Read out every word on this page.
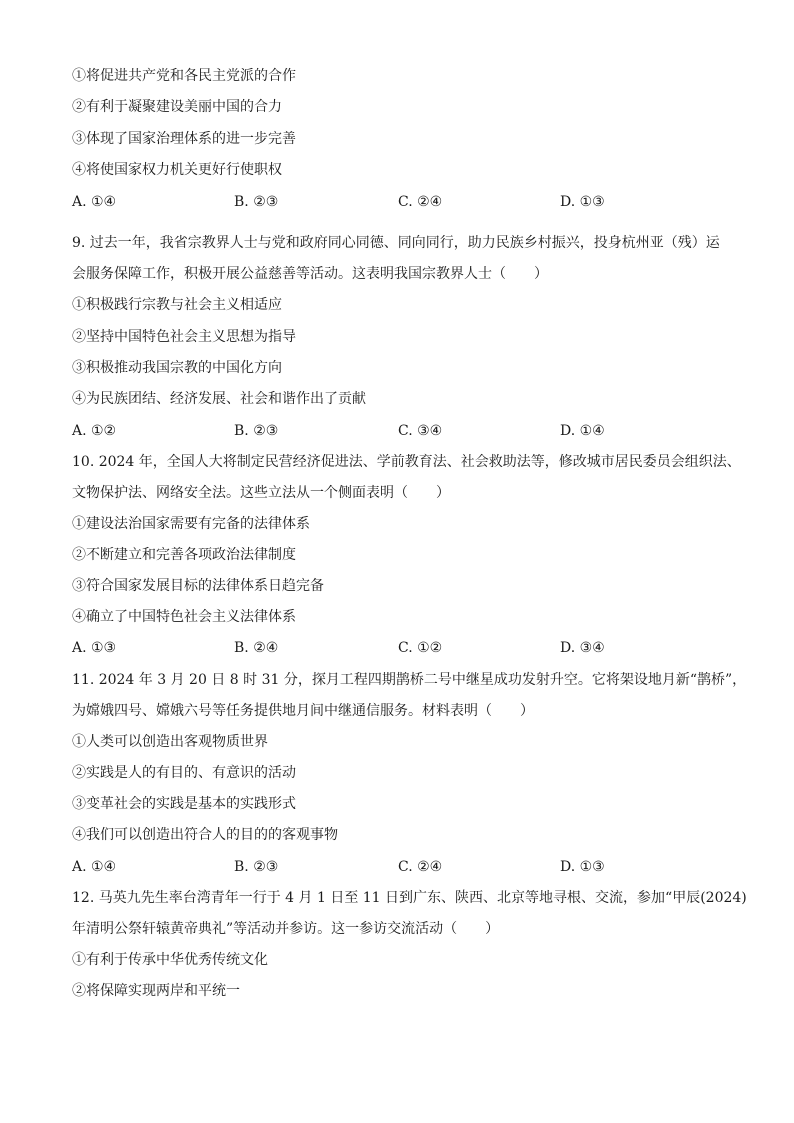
①将促进共产党和各民主党派的合作
②有利于凝聚建设美丽中国的合力
③体现了国家治理体系的进一步完善
④将使国家权力机关更好行使职权
A. ①④	B. ②③	C. ②④	D. ①③
9. 过去一年，我省宗教界人士与党和政府同心同德、同向同行，助力民族乡村振兴，投身杭州亚（残）运
会服务保障工作，积极开展公益慈善等活动。这表明我国宗教界人士（　　）
①积极践行宗教与社会主义相适应
②坚持中国特色社会主义思想为指导
③积极推动我国宗教的中国化方向
④为民族团结、经济发展、社会和谐作出了贡献
A. ①②	B. ②③	C. ③④	D. ①④
10. 2024 年，全国人大将制定民营经济促进法、学前教育法、社会救助法等，修改城市居民委员会组织法、
文物保护法、网络安全法。这些立法从一个侧面表明（　　）
①建设法治国家需要有完备的法律体系
②不断建立和完善各项政治法律制度
③符合国家发展目标的法律体系日趋完备
④确立了中国特色社会主义法律体系
A. ①③	B. ②④	C. ①②	D. ③④
11. 2024 年 3 月 20 日 8 时 31 分，探月工程四期鹊桥二号中继星成功发射升空。它将架设地月新“鹊桥”，
为嫦娥四号、嫦娥六号等任务提供地月间中继通信服务。材料表明（　　）
①人类可以创造出客观物质世界
②实践是人的有目的、有意识的活动
③变革社会的实践是基本的实践形式
④我们可以创造出符合人的目的的客观事物
A. ①④	B. ②③	C. ②④	D. ①③
12. 马英九先生率台湾青年一行于 4 月 1 日至 11 日到广东、陕西、北京等地寻根、交流，参加“甲辰(2024)
年清明公祭轩辕黄帝典礼”等活动并参访。这一参访交流活动（　　）
①有利于传承中华优秀传统文化
②将保障实现两岸和平统一
